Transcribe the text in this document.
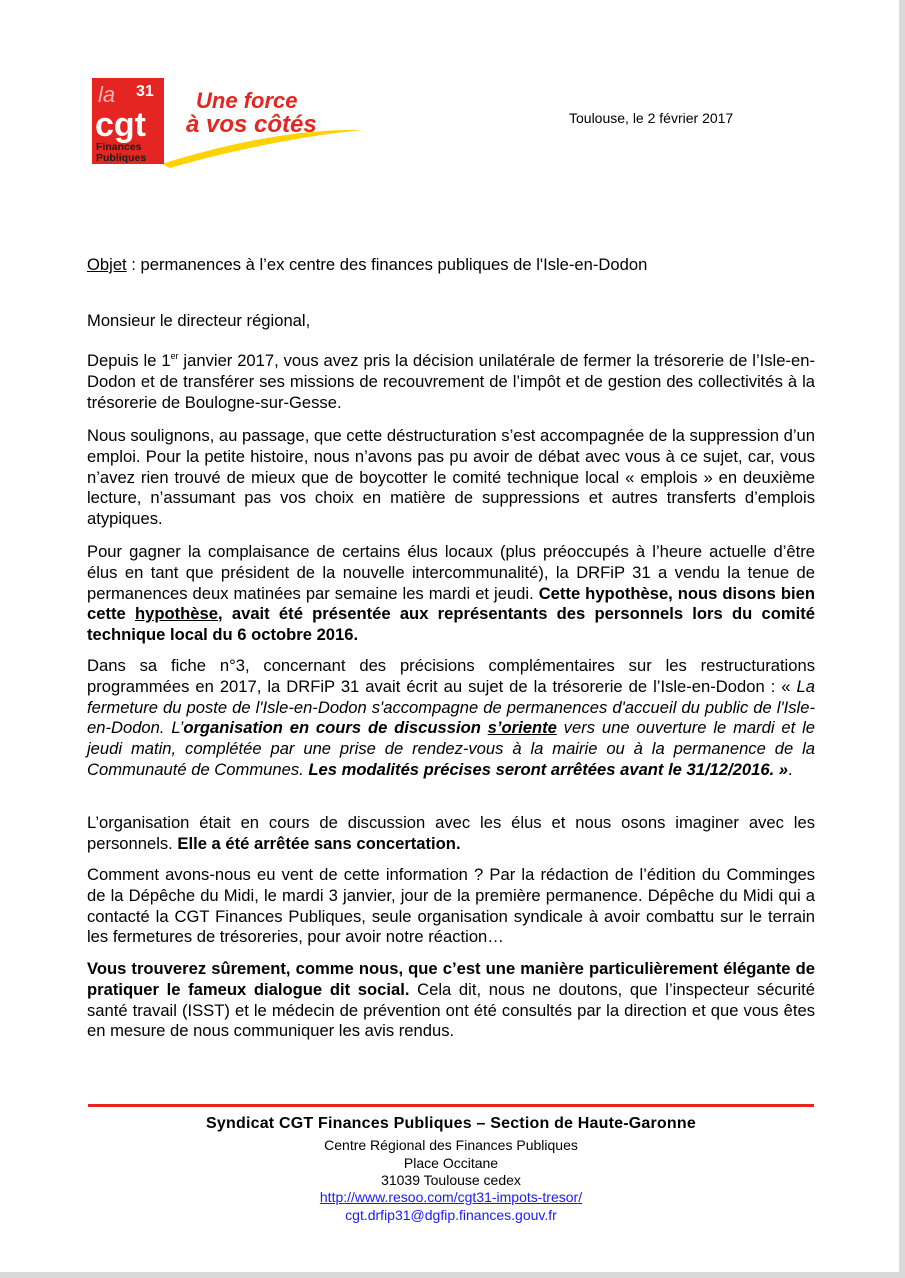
la 31
cgt
Finances
Publiques
Une force
à vos côtés	Toulouse, le 2 février 2017
Objet : permanences à l’ex centre des finances publiques de l'Isle-en-Dodon
Monsieur le directeur régional,
Depuis le 1er janvier 2017, vous avez pris la décision unilatérale de fermer la trésorerie de l’Isle-en-Dodon et de transférer ses missions de recouvrement de l’impôt et de gestion des collectivités à la trésorerie de Boulogne-sur-Gesse.
Nous soulignons, au passage, que cette déstructuration s’est accompagnée de la suppression d’un emploi. Pour la petite histoire, nous n’avons pas pu avoir de débat avec vous à ce sujet, car, vous n’avez rien trouvé de mieux que de boycotter le comité technique local « emplois » en deuxième lecture, n’assumant pas vos choix en matière de suppressions et autres transferts d’emplois atypiques.
Pour gagner la complaisance de certains élus locaux (plus préoccupés à l’heure actuelle d’être élus en tant que président de la nouvelle intercommunalité), la DRFiP 31 a vendu la tenue de permanences deux matinées par semaine les mardi et jeudi. Cette hypothèse, nous disons bien cette hypothèse, avait été présentée aux représentants des personnels lors du comité technique local du 6 octobre 2016.
Dans sa fiche n°3, concernant des précisions complémentaires sur les restructurations programmées en 2017, la DRFiP 31 avait écrit au sujet de la trésorerie de l’Isle-en-Dodon : « La fermeture du poste de l'Isle-en-Dodon s'accompagne de permanences d'accueil du public de l'Isle-en-Dodon. L’organisation en cours de discussion s’oriente vers une ouverture le mardi et le jeudi matin, complétée par une prise de rendez-vous à la mairie ou à la permanence de la Communauté de Communes. Les modalités précises seront arrêtées avant le 31/12/2016. ».
L’organisation était en cours de discussion avec les élus et nous osons imaginer avec les personnels. Elle a été arrêtée sans concertation.
Comment avons-nous eu vent de cette information ? Par la rédaction de l’édition du Comminges de la Dépêche du Midi, le mardi 3 janvier, jour de la première permanence. Dépêche du Midi qui a contacté la CGT Finances Publiques, seule organisation syndicale à avoir combattu sur le terrain les fermetures de trésoreries, pour avoir notre réaction…
Vous trouverez sûrement, comme nous, que c’est une manière particulièrement élégante de pratiquer le fameux dialogue dit social. Cela dit, nous ne doutons, que l’inspecteur sécurité santé travail (ISST) et le médecin de prévention ont été consultés par la direction et que vous êtes en mesure de nous communiquer les avis rendus.
Syndicat CGT Finances Publiques – Section de Haute-Garonne
Centre Régional des Finances Publiques
Place Occitane
31039 Toulouse cedex
http://www.resoo.com/cgt31-impots-tresor/
cgt.drfip31@dgfip.finances.gouv.fr
